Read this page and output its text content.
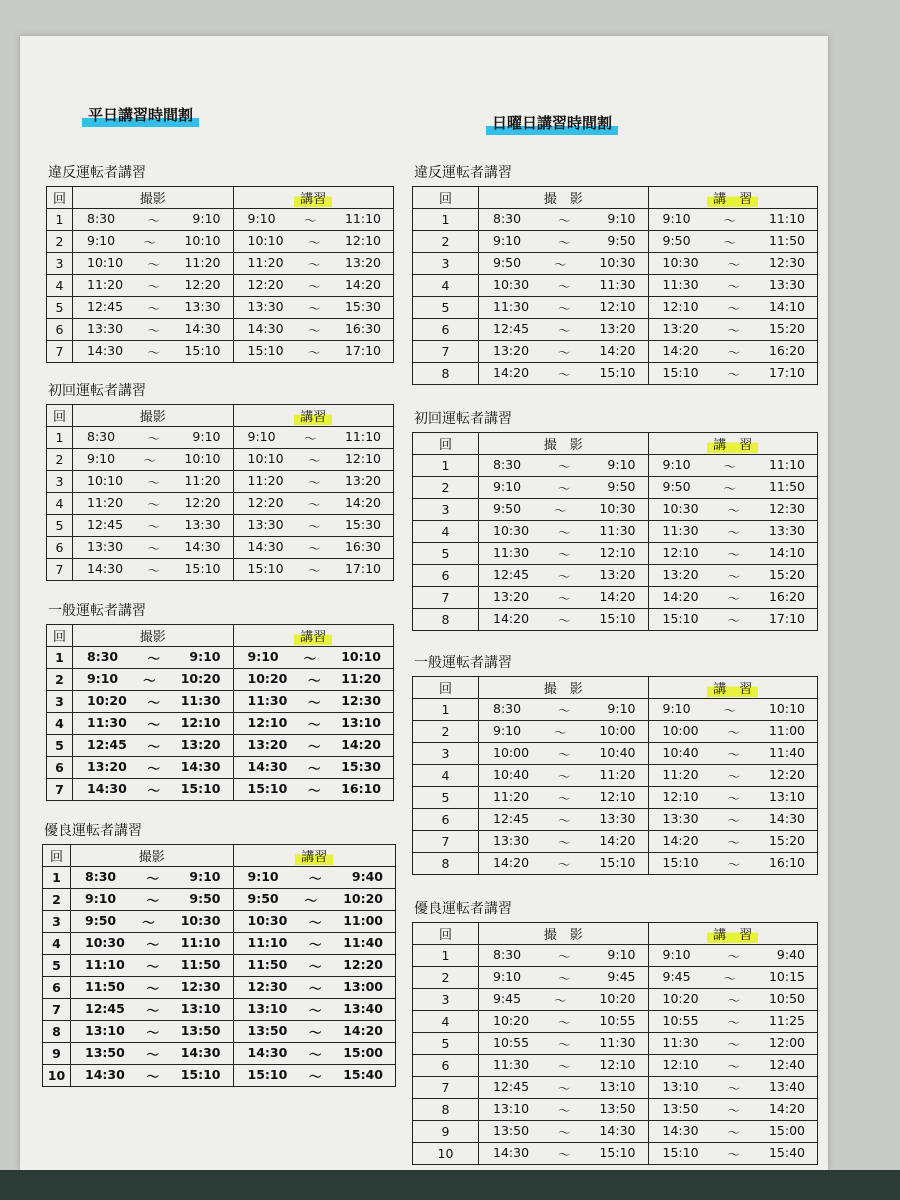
平日講習時間割	日曜日講習時間割
違反運転者講習
回	撮影	講習
1	8:30 ～ 9:10	9:10 ～ 11:10

2	9:10 ～ 10:10	10:10 ～ 12:10

3	10:10 ～ 11:20	11:20 ～ 13:20

4	11:20 ～ 12:20	12:20 ～ 14:20

5	12:45 ～ 13:30	13:30 ～ 15:30

6	13:30 ～ 14:30	14:30 ～ 16:30

7	14:30 ～ 15:10	15:10 ～ 17:10
初回運転者講習
回	撮影	講習
1	8:30 ～ 9:10	9:10 ～ 11:10

2	9:10 ～ 10:10	10:10 ～ 12:10

3	10:10 ～ 11:20	11:20 ～ 13:20

4	11:20 ～ 12:20	12:20 ～ 14:20

5	12:45 ～ 13:30	13:30 ～ 15:30

6	13:30 ～ 14:30	14:30 ～ 16:30

7	14:30 ～ 15:10	15:10 ～ 17:10
一般運転者講習
回	撮影	講習
1	8:30 ～ 9:10	9:10 ～ 10:10

2	9:10 ～ 10:20	10:20 ～ 11:20

3	10:20 ～ 11:30	11:30 ～ 12:30

4	11:30 ～ 12:10	12:10 ～ 13:10

5	12:45 ～ 13:20	13:20 ～ 14:20

6	13:20 ～ 14:30	14:30 ～ 15:30

7	14:30 ～ 15:10	15:10 ～ 16:10
優良運転者講習
回	撮影	講習
1	8:30 ～ 9:10	9:10 ～ 9:40

2	9:10 ～ 9:50	9:50 ～ 10:20

3	9:50 ～ 10:30	10:30 ～ 11:00

4	10:30 ～ 11:10	11:10 ～ 11:40

5	11:10 ～ 11:50	11:50 ～ 12:20

6	11:50 ～ 12:30	12:30 ～ 13:00

7	12:45 ～ 13:10	13:10 ～ 13:40

8	13:10 ～ 13:50	13:50 ～ 14:20

9	13:50 ～ 14:30	14:30 ～ 15:00

10	14:30 ～ 15:10	15:10 ～ 15:40
違反運転者講習
回	撮　影	講　習
1	8:30 ～ 9:10	9:10 ～ 11:10

2	9:10 ～ 9:50	9:50 ～ 11:50

3	9:50 ～ 10:30	10:30 ～ 12:30

4	10:30 ～ 11:30	11:30 ～ 13:30

5	11:30 ～ 12:10	12:10 ～ 14:10

6	12:45 ～ 13:20	13:20 ～ 15:20

7	13:20 ～ 14:20	14:20 ～ 16:20

8	14:20 ～ 15:10	15:10 ～ 17:10
初回運転者講習
回	撮　影	講　習
1	8:30 ～ 9:10	9:10 ～ 11:10

2	9:10 ～ 9:50	9:50 ～ 11:50

3	9:50 ～ 10:30	10:30 ～ 12:30

4	10:30 ～ 11:30	11:30 ～ 13:30

5	11:30 ～ 12:10	12:10 ～ 14:10

6	12:45 ～ 13:20	13:20 ～ 15:20

7	13:20 ～ 14:20	14:20 ～ 16:20

8	14:20 ～ 15:10	15:10 ～ 17:10
一般運転者講習
回	撮　影	講　習
1	8:30 ～ 9:10	9:10 ～ 10:10

2	9:10 ～ 10:00	10:00 ～ 11:00

3	10:00 ～ 10:40	10:40 ～ 11:40

4	10:40 ～ 11:20	11:20 ～ 12:20

5	11:20 ～ 12:10	12:10 ～ 13:10

6	12:45 ～ 13:30	13:30 ～ 14:30

7	13:30 ～ 14:20	14:20 ～ 15:20

8	14:20 ～ 15:10	15:10 ～ 16:10
優良運転者講習
回	撮　影	講　習
1	8:30 ～ 9:10	9:10 ～ 9:40

2	9:10 ～ 9:45	9:45 ～ 10:15

3	9:45 ～ 10:20	10:20 ～ 10:50

4	10:20 ～ 10:55	10:55 ～ 11:25

5	10:55 ～ 11:30	11:30 ～ 12:00

6	11:30 ～ 12:10	12:10 ～ 12:40

7	12:45 ～ 13:10	13:10 ～ 13:40

8	13:10 ～ 13:50	13:50 ～ 14:20

9	13:50 ～ 14:30	14:30 ～ 15:00

10	14:30 ～ 15:10	15:10 ～ 15:40
